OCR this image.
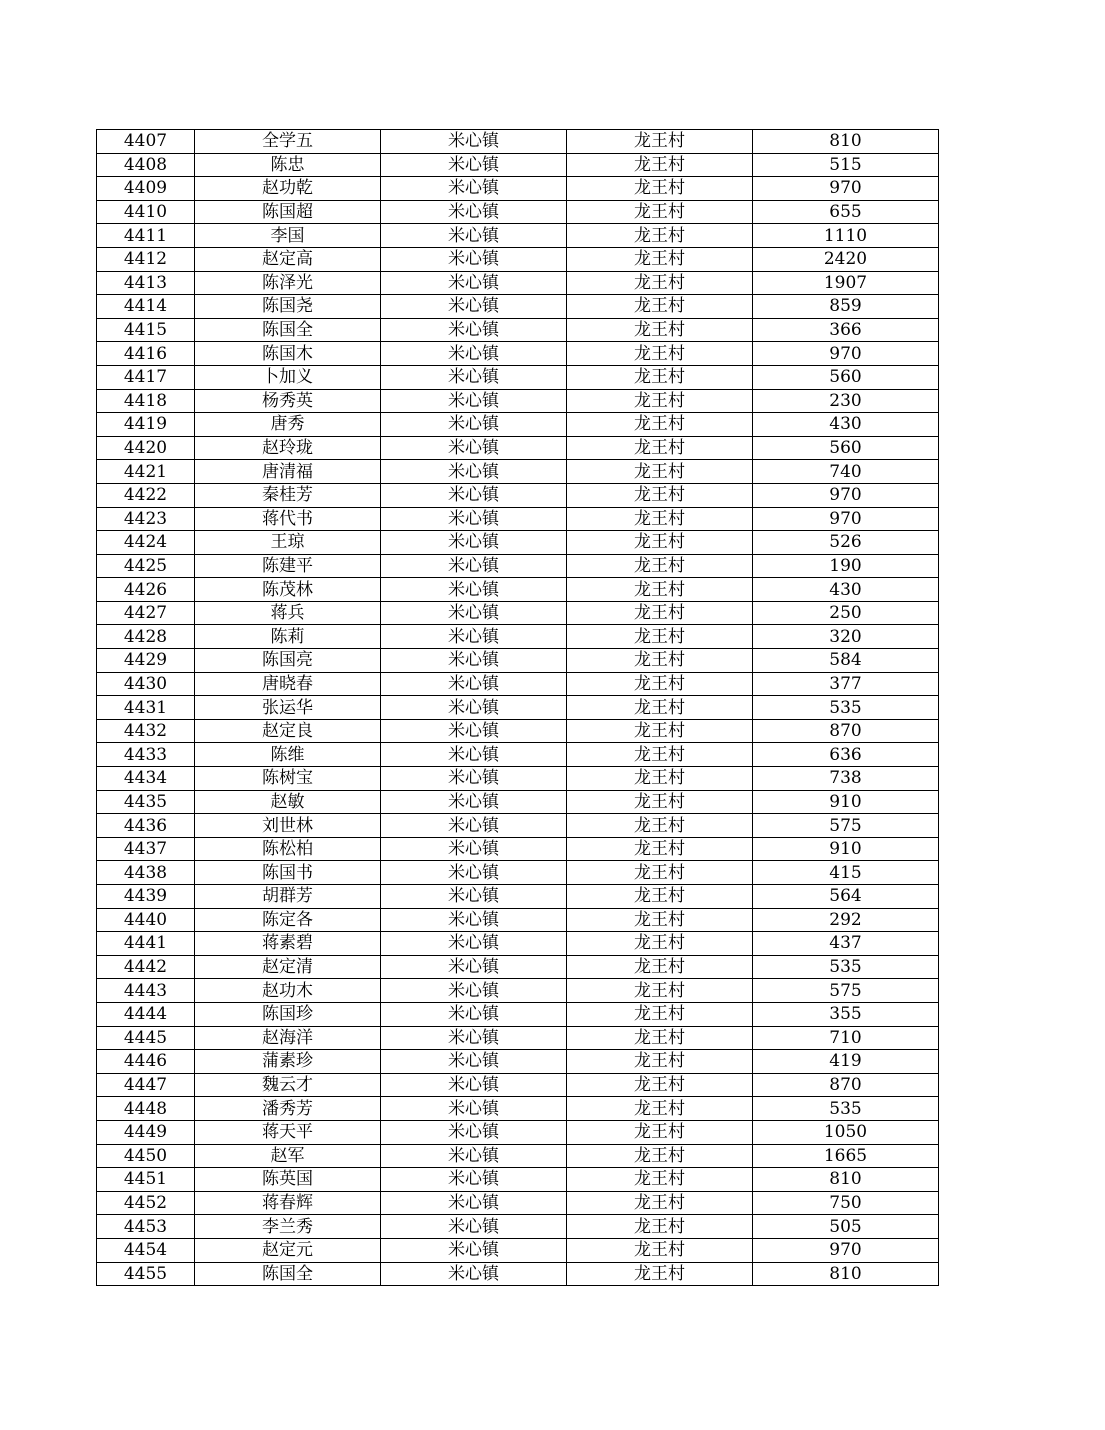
4407	全学五	米心镇	龙王村	810
4408	陈忠	米心镇	龙王村	515
4409	赵功乾	米心镇	龙王村	970
4410	陈国超	米心镇	龙王村	655
4411	李国	米心镇	龙王村	1110
4412	赵定高	米心镇	龙王村	2420
4413	陈泽光	米心镇	龙王村	1907
4414	陈国尧	米心镇	龙王村	859
4415	陈国全	米心镇	龙王村	366
4416	陈国木	米心镇	龙王村	970
4417	卜加义	米心镇	龙王村	560
4418	杨秀英	米心镇	龙王村	230
4419	唐秀	米心镇	龙王村	430
4420	赵玲珑	米心镇	龙王村	560
4421	唐清福	米心镇	龙王村	740
4422	秦桂芳	米心镇	龙王村	970
4423	蒋代书	米心镇	龙王村	970
4424	王琼	米心镇	龙王村	526
4425	陈建平	米心镇	龙王村	190
4426	陈茂林	米心镇	龙王村	430
4427	蒋兵	米心镇	龙王村	250
4428	陈莉	米心镇	龙王村	320
4429	陈国亮	米心镇	龙王村	584
4430	唐晓春	米心镇	龙王村	377
4431	张运华	米心镇	龙王村	535
4432	赵定良	米心镇	龙王村	870
4433	陈维	米心镇	龙王村	636
4434	陈树宝	米心镇	龙王村	738
4435	赵敏	米心镇	龙王村	910
4436	刘世林	米心镇	龙王村	575
4437	陈松柏	米心镇	龙王村	910
4438	陈国书	米心镇	龙王村	415
4439	胡群芳	米心镇	龙王村	564
4440	陈定各	米心镇	龙王村	292
4441	蒋素碧	米心镇	龙王村	437
4442	赵定清	米心镇	龙王村	535
4443	赵功木	米心镇	龙王村	575
4444	陈国珍	米心镇	龙王村	355
4445	赵海洋	米心镇	龙王村	710
4446	蒲素珍	米心镇	龙王村	419
4447	魏云才	米心镇	龙王村	870
4448	潘秀芳	米心镇	龙王村	535
4449	蒋天平	米心镇	龙王村	1050
4450	赵军	米心镇	龙王村	1665
4451	陈英国	米心镇	龙王村	810
4452	蒋春辉	米心镇	龙王村	750
4453	李兰秀	米心镇	龙王村	505
4454	赵定元	米心镇	龙王村	970
4455	陈国全	米心镇	龙王村	810
